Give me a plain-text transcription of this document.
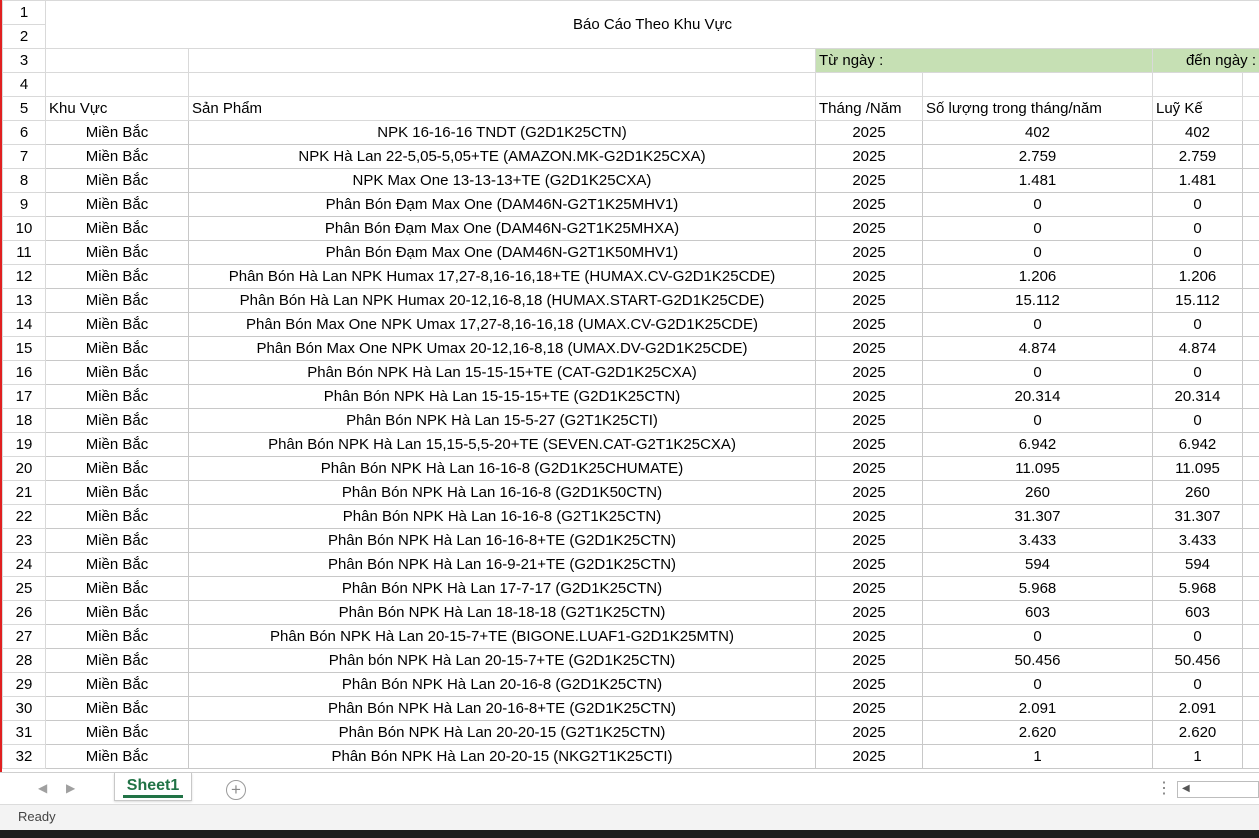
1	Báo Cáo Theo Khu Vực					
2						
3			Từ ngày :		đến ngày :	
4						
5	Khu Vực	Sản Phẩm	Tháng /Năm	Số lượng trong tháng/năm	Luỹ Kế	
6	Miền Bắc	NPK 16-16-16 TNDT (G2D1K25CTN)	2025	402	402	
7	Miền Bắc	NPK Hà Lan 22-5,05-5,05+TE (AMAZON.MK-G2D1K25CXA)	2025	2.759	2.759	
8	Miền Bắc	NPK Max One 13-13-13+TE (G2D1K25CXA)	2025	1.481	1.481	
9	Miền Bắc	Phân Bón Đạm Max One (DAM46N-G2T1K25MHV1)	2025	0	0	
10	Miền Bắc	Phân Bón Đạm Max One (DAM46N-G2T1K25MHXA)	2025	0	0	
11	Miền Bắc	Phân Bón Đạm Max One (DAM46N-G2T1K50MHV1)	2025	0	0	
12	Miền Bắc	Phân Bón Hà Lan NPK Humax 17,27-8,16-16,18+TE (HUMAX.CV-G2D1K25CDE)	2025	1.206	1.206	
13	Miền Bắc	Phân Bón Hà Lan NPK Humax 20-12,16-8,18 (HUMAX.START-G2D1K25CDE)	2025	15.112	15.112	
14	Miền Bắc	Phân Bón Max One NPK Umax 17,27-8,16-16,18 (UMAX.CV-G2D1K25CDE)	2025	0	0	
15	Miền Bắc	Phân Bón Max One NPK Umax 20-12,16-8,18 (UMAX.DV-G2D1K25CDE)	2025	4.874	4.874	
16	Miền Bắc	Phân Bón NPK Hà Lan 15-15-15+TE (CAT-G2D1K25CXA)	2025	0	0	
17	Miền Bắc	Phân Bón NPK Hà Lan 15-15-15+TE (G2D1K25CTN)	2025	20.314	20.314	
18	Miền Bắc	Phân Bón NPK Hà Lan 15-5-27 (G2T1K25CTI)	2025	0	0	
19	Miền Bắc	Phân Bón NPK Hà Lan 15,15-5,5-20+TE (SEVEN.CAT-G2T1K25CXA)	2025	6.942	6.942	
20	Miền Bắc	Phân Bón NPK Hà Lan 16-16-8 (G2D1K25CHUMATE)	2025	11.095	11.095	
21	Miền Bắc	Phân Bón NPK Hà Lan 16-16-8 (G2D1K50CTN)	2025	260	260	
22	Miền Bắc	Phân Bón NPK Hà Lan 16-16-8 (G2T1K25CTN)	2025	31.307	31.307	
23	Miền Bắc	Phân Bón NPK Hà Lan 16-16-8+TE (G2D1K25CTN)	2025	3.433	3.433	
24	Miền Bắc	Phân Bón NPK Hà Lan 16-9-21+TE (G2D1K25CTN)	2025	594	594	
25	Miền Bắc	Phân Bón NPK Hà Lan 17-7-17 (G2D1K25CTN)	2025	5.968	5.968	
26	Miền Bắc	Phân Bón NPK Hà Lan 18-18-18 (G2T1K25CTN)	2025	603	603	
27	Miền Bắc	Phân Bón NPK Hà Lan 20-15-7+TE (BIGONE.LUAF1-G2D1K25MTN)	2025	0	0	
28	Miền Bắc	Phân bón NPK Hà Lan 20-15-7+TE (G2D1K25CTN)	2025	50.456	50.456	
29	Miền Bắc	Phân Bón NPK Hà Lan 20-16-8 (G2D1K25CTN)	2025	0	0	
30	Miền Bắc	Phân Bón NPK Hà Lan 20-16-8+TE (G2D1K25CTN)	2025	2.091	2.091	
31	Miền Bắc	Phân Bón NPK Hà Lan 20-20-15 (G2T1K25CTN)	2025	2.620	2.620	
32	Miền Bắc	Phân Bón NPK Hà Lan 20-20-15 (NKG2T1K25CTI)	2025	1	1	
◀ ▶	Sheet1	+	⋮ ◀
Ready
